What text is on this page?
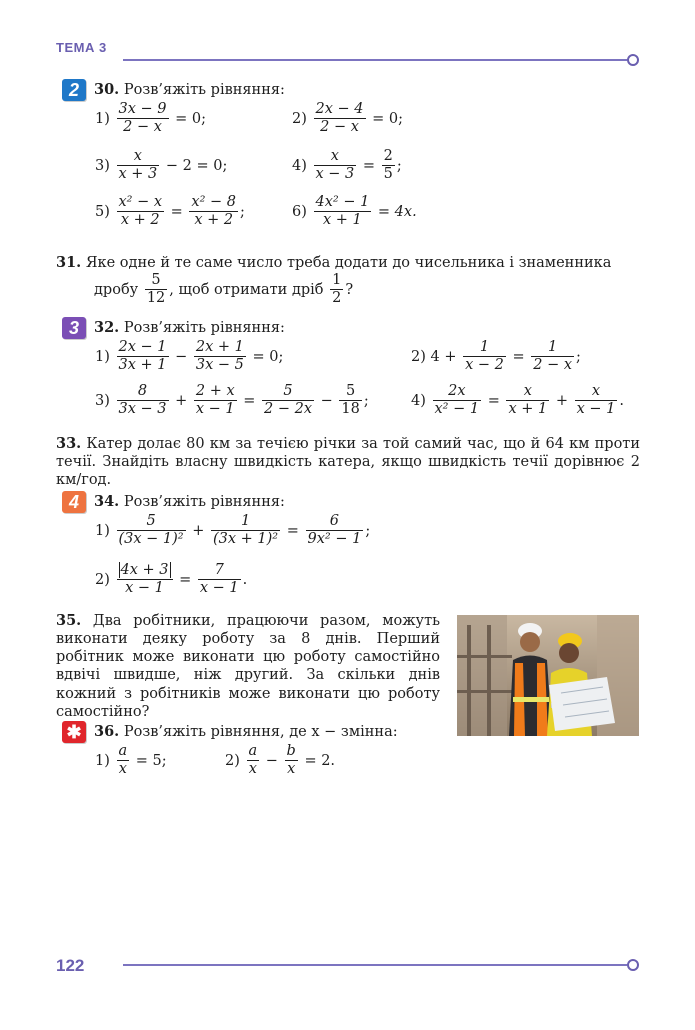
ТЕМА 3
2	30. Розв’яжіть рівняння:
$1) \frac{3x - 9}{2 - x} = 0$;	$2) \frac{2x - 4}{2 - x} = 0$;
$3) \frac{x}{x + 3} - 2 = 0$;	$4) \frac{x}{x - 3} = \frac{2}{5}$ ;
$5) \frac{\text{x² − x}}{x + 2} = \frac{\text{x² − 8}}{x + 2}$ ;	$6) \frac{\text{4x² − 1}}{x + 1} = 4x$.
31. Яке одне й те саме число треба додати до чисельника і знаменника
дробу $\frac{5}{12}$ , щоб отримати дріб $\frac{1}{2}$ ?
3	32. Розв’яжіть рівняння:
$1) \frac{2x - 1}{3x + 1} - \frac{2x + 1}{3x - 5} = 0$;	2) $4 + \frac{1}{x - 2} = \frac{1}{2 - x}$ ;
$3) \frac{8}{3x - 3} + \frac{2 + x}{x - 1} = \frac{5}{2 - 2x} - \frac{5}{18}$ ;	$4) \frac{2x}{\text{x² − 1}} = \frac{x}{x + 1} + \frac{x}{x - 1}$ .
33. Катер долає 80 км за течією річки за той самий час, що й 64 км проти течії. Знайдіть власну швидкість катера, якщо швидкість течії дорівнює 2 км/год.
4	34. Розв’яжіть рівняння:
$1) \frac{5}{\text{(3x − 1)²}} + \frac{1}{\text{(3x + 1)²}} = \frac{6}{\text{9x² − 1}}$ ;
$2) \frac{4x + 3}{x - 1} = \frac{7}{x - 1}$ .
35. Два робітники, працюючи разом, можуть виконати деяку роботу за 8 днів. Перший робітник може виконати цю роботу самостійно вдвічі швидше, ніж другий. За скільки днів кожний з робітників може виконати цю роботу самостійно?
✱ 36. Розв’яжіть рівняння, де x − змінна:
$1) \frac{a}{x} = 5$;	$2) \frac{a}{x} - \frac{b}{x} = 2$.
122
